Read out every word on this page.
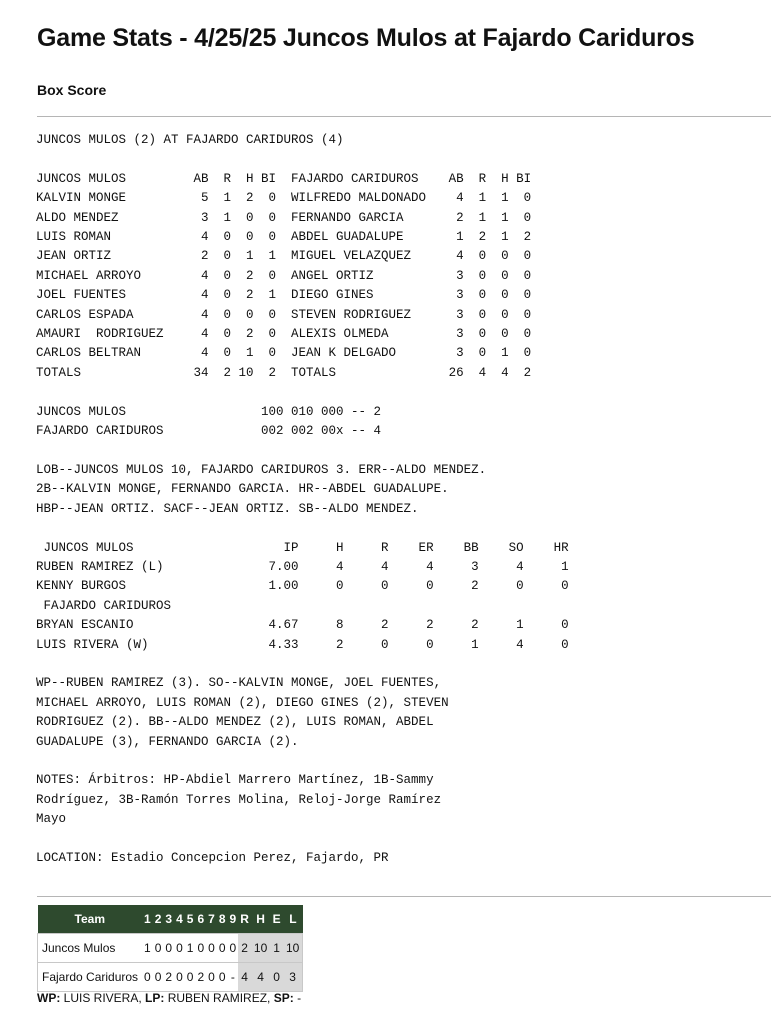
Game Stats - 4/25/25 Juncos Mulos at Fajardo Cariduros
Box Score
JUNCOS MULOS (2) AT FAJARDO CARIDUROS (4)

JUNCOS MULOS         AB  R  H BI  FAJARDO CARIDUROS    AB  R  H BI
KALVIN MONGE          5  1  2  0  WILFREDO MALDONADO    4  1  1  0
ALDO MENDEZ           3  1  0  0  FERNANDO GARCIA       2  1  1  0
LUIS ROMAN            4  0  0  0  ABDEL GUADALUPE       1  2  1  2
JEAN ORTIZ            2  0  1  1  MIGUEL VELAZQUEZ      4  0  0  0
MICHAEL ARROYO        4  0  2  0  ANGEL ORTIZ           3  0  0  0
JOEL FUENTES          4  0  2  1  DIEGO GINES           3  0  0  0
CARLOS ESPADA         4  0  0  0  STEVEN RODRIGUEZ      3  0  0  0
AMAURI  RODRIGUEZ     4  0  2  0  ALEXIS OLMEDA         3  0  0  0
CARLOS BELTRAN        4  0  1  0  JEAN K DELGADO        3  0  1  0
TOTALS               34  2 10  2  TOTALS               26  4  4  2

JUNCOS MULOS                  100 010 000 -- 2
FAJARDO CARIDUROS             002 002 00x -- 4

LOB--JUNCOS MULOS 10, FAJARDO CARIDUROS 3. ERR--ALDO MENDEZ.
2B--KALVIN MONGE, FERNANDO GARCIA. HR--ABDEL GUADALUPE.
HBP--JEAN ORTIZ. SACF--JEAN ORTIZ. SB--ALDO MENDEZ.

JUNCOS MULOS                    IP     H     R    ER    BB    SO    HR
RUBEN RAMIREZ (L)              7.00     4     4     4     3     4     1
KENNY BURGOS                   1.00     0     0     0     2     0     0
FAJARDO CARIDUROS
BRYAN ESCANIO                  4.67     8     2     2     2     1     0
LUIS RIVERA (W)                4.33     2     0     0     1     4     0

WP--RUBEN RAMIREZ (3). SO--KALVIN MONGE, JOEL FUENTES,
MICHAEL ARROYO, LUIS ROMAN (2), DIEGO GINES (2), STEVEN
RODRIGUEZ (2). BB--ALDO MENDEZ (2), LUIS ROMAN, ABDEL
GUADALUPE (3), FERNANDO GARCIA (2).

NOTES: Árbitros: HP-Abdiel Marrero Martínez, 1B-Sammy
Rodríguez, 3B-Ramón Torres Molina, Reloj-Jorge Ramírez
Mayo

LOCATION: Estadio Concepcion Perez, Fajardo, PR
Team	1	2	3	4	5	6	7	8	9	R	H	E	L
Juncos Mulos	1	0	0	0	1	0	0	0	0	2	10	1	10
Fajardo Cariduros	0	0	2	0	0	2	0	0	-	4	4	0	3
WP: LUIS RIVERA, LP: RUBEN RAMIREZ, SP: -
